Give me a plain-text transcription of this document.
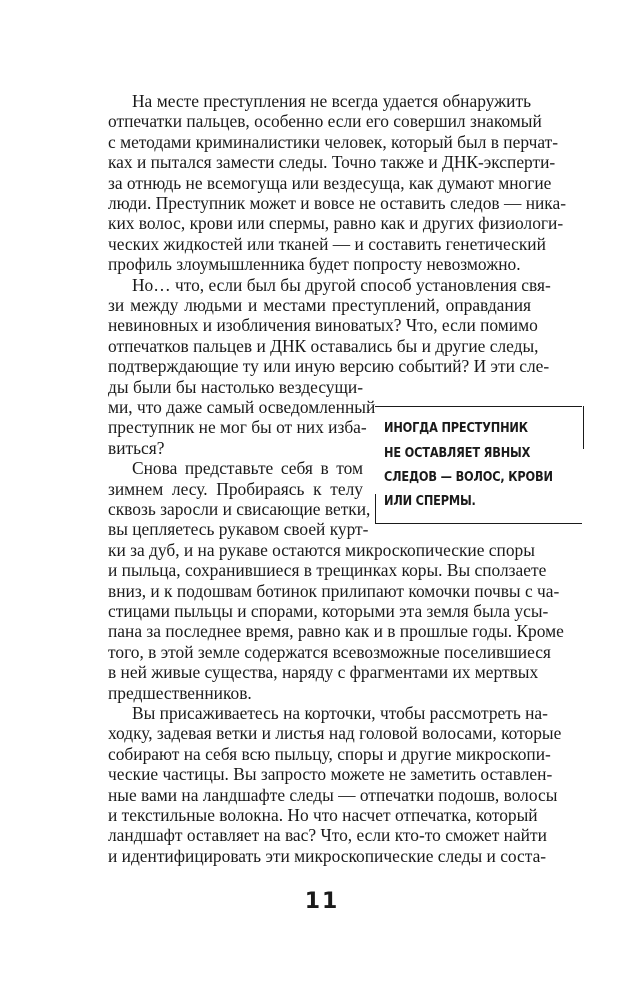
На месте преступления не всегда удается обнаружить
отпечатки пальцев, особенно если его совершил знакомый
с методами криминалистики человек, который был в перчат-
ках и пытался замести следы. Точно также и ДНК-эксперти-
за отнюдь не всемогуща или вездесуща, как думают многие
люди. Преступник может и вовсе не оставить следов — ника-
ких волос, крови или спермы, равно как и других физиологи-
ческих жидкостей или тканей — и составить генетический
профиль злоумышленника будет попросту невозможно.
Но… что, если был бы другой способ установления свя-
зи между людьми и местами преступлений, оправдания
невиновных и изобличения виноватых? Что, если помимо
отпечатков пальцев и ДНК оставались бы и другие следы,
подтверждающие ту или иную версию событий? И эти сле-
ды были бы настолько вездесущи-
ми, что даже самый осведомленный
преступник не мог бы от них изба-
виться?
Снова представьте себя в том
зимнем лесу. Пробираясь к телу
сквозь заросли и свисающие ветки,
вы цепляетесь рукавом своей курт-
ки за дуб, и на рукаве остаются микроскопические споры
и пыльца, сохранившиеся в трещинках коры. Вы сползаете
вниз, и к подошвам ботинок прилипают комочки почвы с ча-
стицами пыльцы и спорами, которыми эта земля была усы-
пана за последнее время, равно как и в прошлые годы. Кроме
того, в этой земле содержатся всевозможные поселившиеся
в ней живые существа, наряду с фрагментами их мертвых
предшественников.
Вы присаживаетесь на корточки, чтобы рассмотреть на-
ходку, задевая ветки и листья над головой волосами, которые
собирают на себя всю пыльцу, споры и другие микроскопи-
ческие частицы. Вы запросто можете не заметить оставлен-
ные вами на ландшафте следы — отпечатки подошв, волосы
и текстильные волокна. Но что насчет отпечатка, который
ландшафт оставляет на вас? Что, если кто-то сможет найти
и идентифицировать эти микроскопические следы и соста-
ИНОГДА ПРЕСТУПНИК
НЕ ОСТАВЛЯЕТ ЯВНЫХ
СЛЕДОВ — ВОЛОС, КРОВИ
ИЛИ СПЕРМЫ.
11
